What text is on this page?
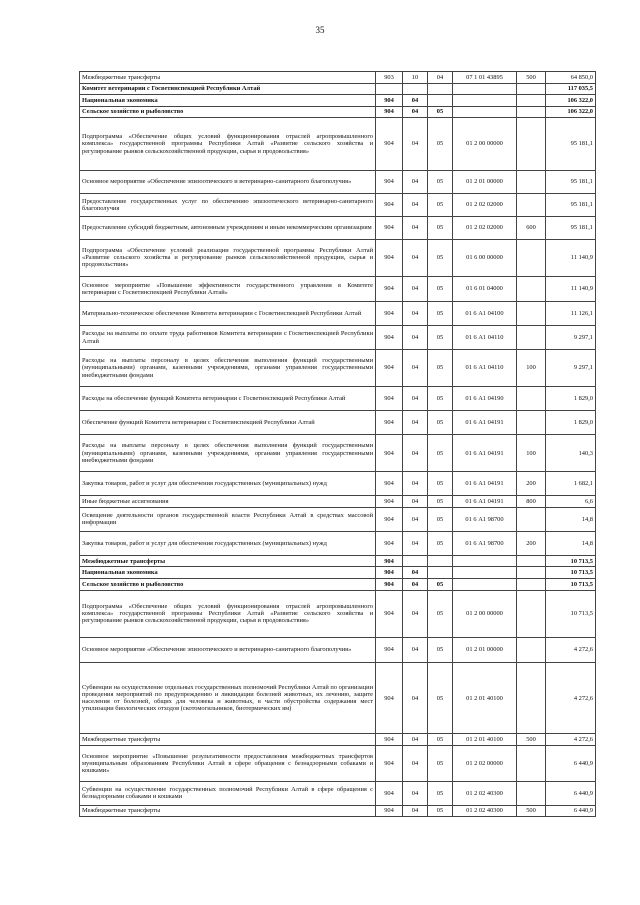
35
Межбюджетные трансферты	903	10	04	07 1 01 43895	500	64 850,0
Комитет ветеринарии с Госветинспекцией Республики Алтай						117 035,5
Национальная экономика	904	04				106 322,0
Сельское хозяйство и рыболовство	904	04	05			106 322,0
Подпрограмма «Обеспечение общих условий функционирования отраслей агропромышленного комплекса» государственной программы Республики Алтай «Развитие сельского хозяйства и регулирование рынков сельскохозяйственной продукции, сырья и продовольствия»	904	04	05	01 2 00 00000		95 181,1
Основное мероприятие «Обеспечение эпизоотического и ветеринарно-санитарного благополучия»	904	04	05	01 2 01 00000		95 181,1
Предоставление государственных услуг по обеспечению эпизоотического ветеринарно-санитарного благополучия	904	04	05	01 2 02 02000		95 181,1
Предоставление субсидий бюджетным, автономным учреждениям и иным некоммерческим организациям	904	04	05	01 2 02 02000	600	95 181,1
Подпрограмма «Обеспечение условий реализации государственной программы Республики Алтай «Развитие сельского хозяйства и регулирование рынков сельскохозяйственной продукции, сырья и продовольствия»	904	04	05	01 6 00 00000		11 140,9
Основное мероприятие «Повышение эффективности государственного управления в Комитете ветеринарии с Госветинспекцией Республики Алтай»	904	04	05	01 6 01 04000		11 140,9
Материально-техническое обеспечение Комитета ветеринарии с Госветинспекцией Республики Алтай	904	04	05	01 6 А1 04100		11 126,1
Расходы на выплаты по оплате труда работников Комитета ветеринарии с Госветинспекцией Республики Алтай	904	04	05	01 6 А1 04110		9 297,1
Расходы на выплаты персоналу в целях обеспечения выполнения функций государственными (муниципальными) органами, казенными учреждениями, органами управления государственными внебюджетными фондами	904	04	05	01 6 А1 04110	100	9 297,1
Расходы на обеспечение функций Комитета ветеринарии с Госветинспекцией Республики Алтай	904	04	05	01 6 А1 04190		1 829,0
Обеспечение функций Комитета ветеринарии с Госветинспекцией Республики Алтай	904	04	05	01 6 А1 04191		1 829,0
Расходы на выплаты персоналу в целях обеспечения выполнения функций государственными (муниципальными) органами, казенными учреждениями, органами управления государственными внебюджетными фондами	904	04	05	01 6 А1 04191	100	140,3
Закупка товаров, работ и услуг для обеспечения государственных (муниципальных) нужд	904	04	05	01 6 А1 04191	200	1 682,1
Иные бюджетные ассигнования	904	04	05	01 6 А1 04191	800	6,6
Освещение деятельности органов государственной власти Республики Алтай в средствах массовой информации	904	04	05	01 6 А1 98700		14,8
Закупка товаров, работ и услуг для обеспечения государственных (муниципальных) нужд	904	04	05	01 6 А1 98700	200	14,8
Межбюджетные трансферты	904					10 713,5
Национальная экономика	904	04				10 713,5
Сельское хозяйство и рыболовство	904	04	05			10 713,5
Подпрограмма «Обеспечение общих условий функционирования отраслей агропромышленного комплекса» государственной программы Республики Алтай «Развитие сельского хозяйства и регулирование рынков сельскохозяйственной продукции, сырья и продовольствия»	904	04	05	01 2 00 00000		10 713,5
Основное мероприятие «Обеспечение эпизоотического и ветеринарно-санитарного благополучия»	904	04	05	01 2 01 00000		4 272,6
Субвенции на осуществление отдельных государственных полномочий Республики Алтай по организации проведения мероприятий по предупреждению и ликвидации болезней животных, их лечению, защите населения от болезней, общих для человека и животных, в части обустройства содержания мест утилизации биологических отходов (скотомогильников, биотермических ям)	904	04	05	01 2 01 40100		4 272,6
Межбюджетные трансферты	904	04	05	01 2 01 40100	500	4 272,6
Основное мероприятие «Повышение результативности предоставления межбюджетных трансфертов муниципальным образованиям Республики Алтай в сфере обращения с безнадзорными собаками и кошками»	904	04	05	01 2 02 00000		6 440,9
Субвенции на осуществление государственных полномочий Республики Алтай в сфере обращения с безнадзорными собаками и кошками	904	04	05	01 2 02 40300		6 440,9
Межбюджетные трансферты	904	04	05	01 2 02 40300	500	6 440,9
